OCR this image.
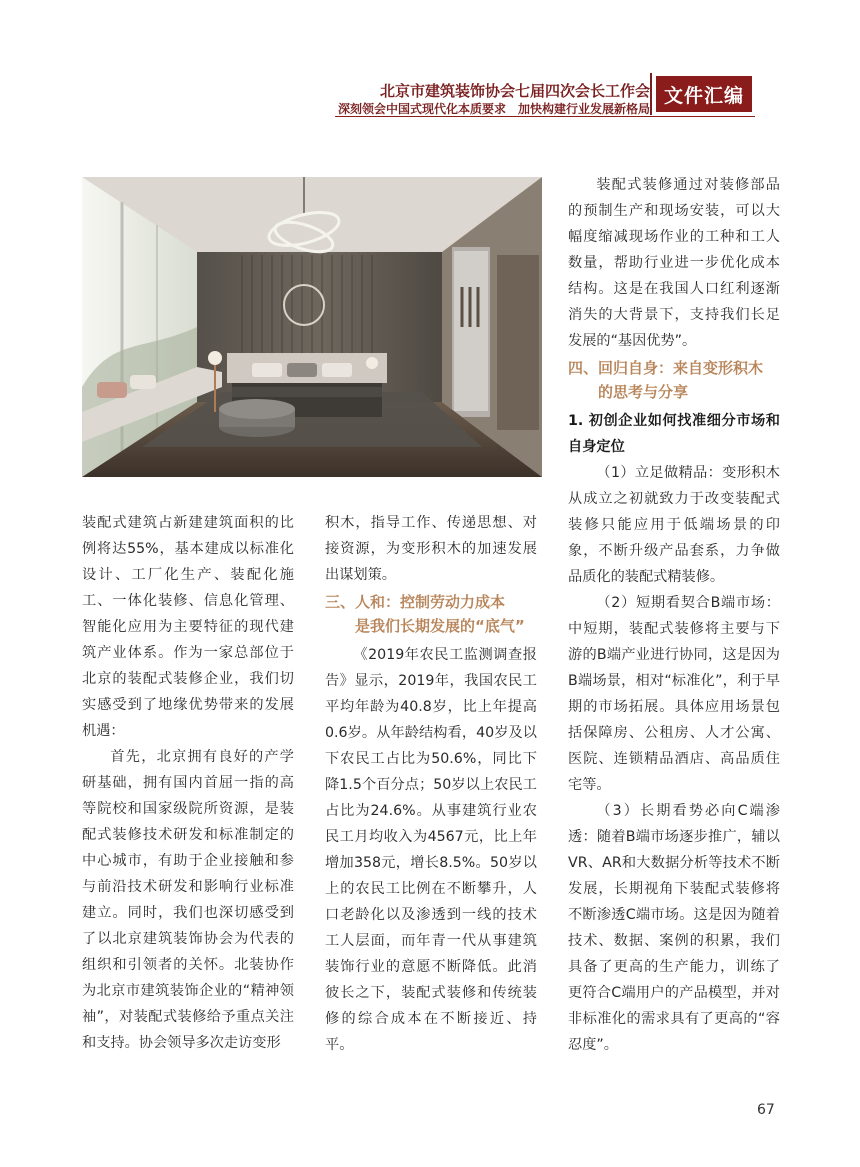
北京市建筑装饰协会七届四次会长工作会
深刻领会中国式现代化本质要求　加快构建行业发展新格局
文件汇编

装配式建筑占新建建筑面积的比例将达55%，基本建成以标准化设计、工厂化生产、装配化施工、一体化装修、信息化管理、智能化应用为主要特征的现代建筑产业体系。作为一家总部位于北京的装配式装修企业，我们切实感受到了地缘优势带来的发展机遇：

首先，北京拥有良好的产学研基础，拥有国内首屈一指的高等院校和国家级院所资源，是装配式装修技术研发和标准制定的中心城市，有助于企业接触和参与前沿技术研发和影响行业标准建立。同时，我们也深切感受到了以北京建筑装饰协会为代表的组织和引领者的关怀。北装协作为北京市建筑装饰企业的“精神领袖”，对装配式装修给予重点关注和支持。协会领导多次走访变形

积木，指导工作、传递思想、对接资源，为变形积木的加速发展出谋划策。

三、人和：控制劳动力成本
是我们长期发展的“底气”

《2019年农民工监测调查报告》显示，2019年，我国农民工平均年龄为40.8岁，比上年提高0.6岁。从年龄结构看，40岁及以下农民工占比为50.6%，同比下降1.5个百分点；50岁以上农民工占比为24.6%。从事建筑行业农民工月均收入为4567元，比上年增加358元，增长8.5%。50岁以上的农民工比例在不断攀升，人口老龄化以及渗透到一线的技术工人层面，而年青一代从事建筑装饰行业的意愿不断降低。此消彼长之下，装配式装修和传统装修的综合成本在不断接近、持平。

装配式装修通过对装修部品的预制生产和现场安装，可以大幅度缩减现场作业的工种和工人数量，帮助行业进一步优化成本结构。这是在我国人口红利逐渐消失的大背景下，支持我们长足发展的“基因优势”。

四、回归自身：来自变形积木
的思考与分享

1. 初创企业如何找准细分市场和自身定位

（1）立足做精品：变形积木从成立之初就致力于改变装配式装修只能应用于低端场景的印象，不断升级产品套系，力争做品质化的装配式精装修。

（2）短期看契合B端市场：中短期，装配式装修将主要与下游的B端产业进行协同，这是因为B端场景，相对“标准化”，利于早期的市场拓展。具体应用场景包括保障房、公租房、人才公寓、医院、连锁精品酒店、高品质住宅等。

（3）长期看势必向C端渗透：随着B端市场逐步推广，辅以VR、AR和大数据分析等技术不断发展，长期视角下装配式装修将不断渗透C端市场。这是因为随着技术、数据、案例的积累，我们具备了更高的生产能力，训练了更符合C端用户的产品模型，并对非标准化的需求具有了更高的“容忍度”。

67
